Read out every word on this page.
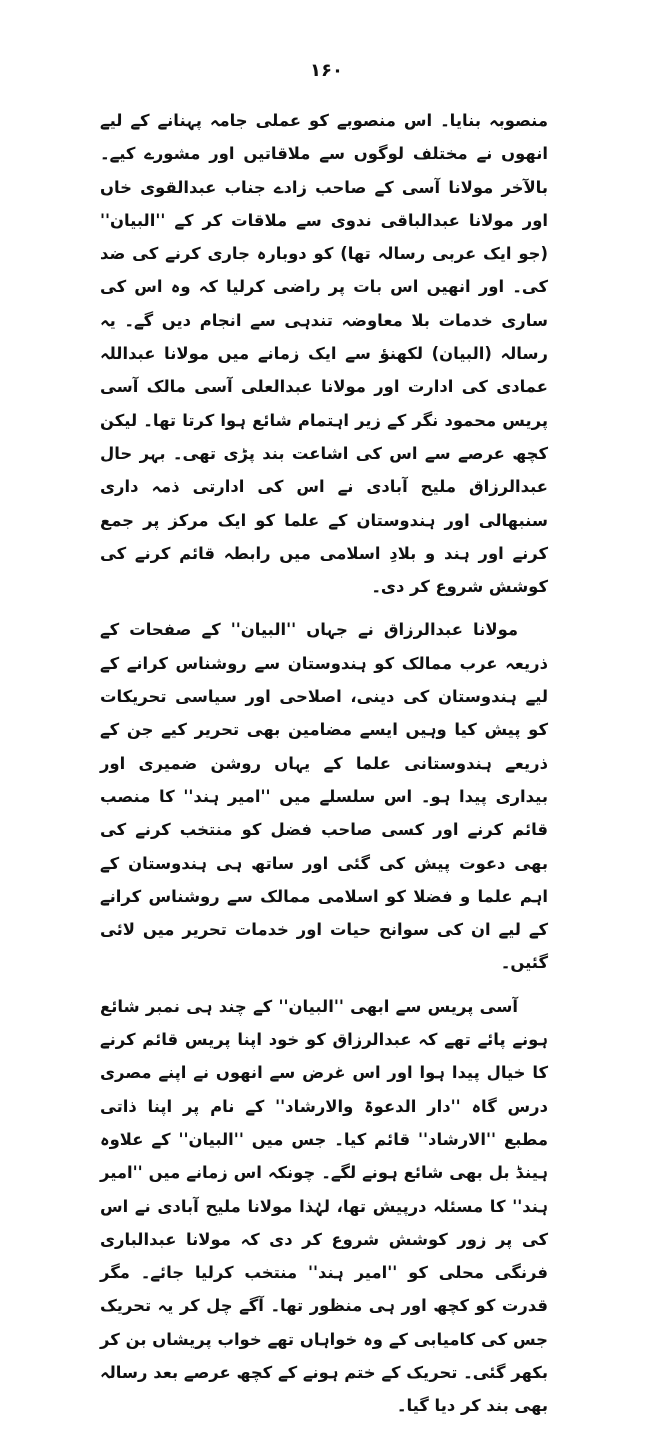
۱۶۰

منصوبہ بنایا۔ اس منصوبے کو عملی جامہ پہنانے کے لیے انھوں نے مختلف لوگوں سے ملاقاتیں اور مشورے کیے۔ بالآخر مولانا آسی کے صاحب زادے جناب عبدالقوی خاں اور مولانا عبدالباقی ندوی سے ملاقات کر کے ''البیان'' (جو ایک عربی رسالہ تھا) کو دوبارہ جاری کرنے کی ضد کی۔ اور انھیں اس بات پر راضی کرلیا کہ وہ اس کی ساری خدمات بلا معاوضہ تندہی سے انجام دیں گے۔ یہ رسالہ (البیان) لکھنؤ سے ایک زمانے میں مولانا عبداللہ عمادی کی ادارت اور مولانا عبدالعلی آسی مالک آسی پریس محمود نگر کے زیر اہتمام شائع ہوا کرتا تھا۔ لیکن کچھ عرصے سے اس کی اشاعت بند پڑی تھی۔ بہر حال عبدالرزاق ملیح آبادی نے اس کی ادارتی ذمہ داری سنبھالی اور ہندوستان کے علما کو ایک مرکز پر جمع کرنے اور ہند و بلادِ اسلامی میں رابطہ قائم کرنے کی کوشش شروع کر دی۔

مولانا عبدالرزاق نے جہاں ''البیان'' کے صفحات کے ذریعہ عرب ممالک کو ہندوستان سے روشناس کرانے کے لیے ہندوستان کی دینی، اصلاحی اور سیاسی تحریکات کو پیش کیا وہیں ایسے مضامین بھی تحریر کیے جن کے ذریعے ہندوستانی علما کے یہاں روشن ضمیری اور بیداری پیدا ہو۔ اس سلسلے میں ''امیر ہند'' کا منصب قائم کرنے اور کسی صاحب فضل کو منتخب کرنے کی بھی دعوت پیش کی گئی اور ساتھ ہی ہندوستان کے اہم علما و فضلا کو اسلامی ممالک سے روشناس کرانے کے لیے ان کی سوانح حیات اور خدمات تحریر میں لائی گئیں۔

آسی پریس سے ابھی ''البیان'' کے چند ہی نمبر شائع ہونے پائے تھے کہ عبدالرزاق کو خود اپنا پریس قائم کرنے کا خیال پیدا ہوا اور اس غرض سے انھوں نے اپنے مصری درس گاہ ''دار الدعوۃ والارشاد'' کے نام پر اپنا ذاتی مطبع ''الارشاد'' قائم کیا۔ جس میں ''البیان'' کے علاوہ ہینڈ بل بھی شائع ہونے لگے۔ چونکہ اس زمانے میں ''امیر ہند'' کا مسئلہ درپیش تھا، لہٰذا مولانا ملیح آبادی نے اس کی پر زور کوشش شروع کر دی کہ مولانا عبدالباری فرنگی محلی کو ''امیر ہند'' منتخب کرلیا جائے۔ مگر قدرت کو کچھ اور ہی منظور تھا۔ آگے چل کر یہ تحریک جس کی کامیابی کے وہ خواہاں تھے خواب پریشاں بن کر بکھر گئی۔ تحریک کے ختم ہونے کے کچھ عرصے بعد رسالہ بھی بند کر دیا گیا۔
